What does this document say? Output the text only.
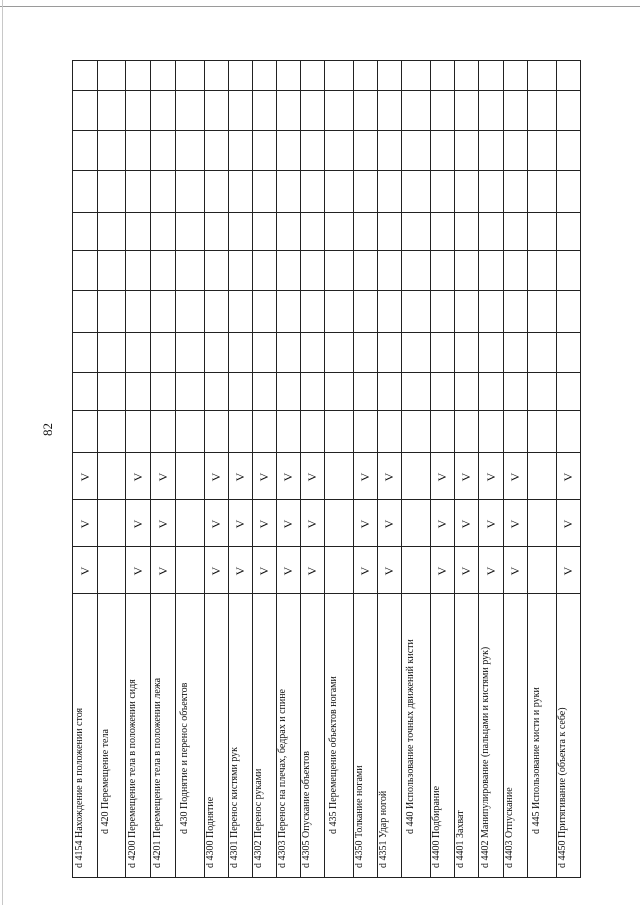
82
d 4154 Нахождение в положении стоя
V
V
V
d 420 Перемещение тела d 4200 Перемещение тела в положении сидя
V
V
V
d 4201 Перемещение тела в положении лежа
V
V
V
d 430 Поднятие и перенос объектов d 4300 Поднятие
V
V
V
d 4301 Перенос кистями рук
V
V
V
d 4302 Перенос руками
V
V
V
d 4303 Перенос на плечах, бедрах и спине
V
V
V
d 4305 Опускание объектов
V
V
V
d 435 Перемещение объектов ногами d 4350 Толкание ногами
V
V
V
d 4351 Удар ногой
V
V
V
d 440 Использование точных движений кисти d 4400 Подбирание
V
V
V
d 4401 Захват
V
V
V
d 4402 Манипулирование (пальцами и кистями рук)
V
V
V
d 4403 Отпускание
V
V
V
d 445 Использование кисти и руки d 4450 Притягивание (объекта к себе)
V
V
V
